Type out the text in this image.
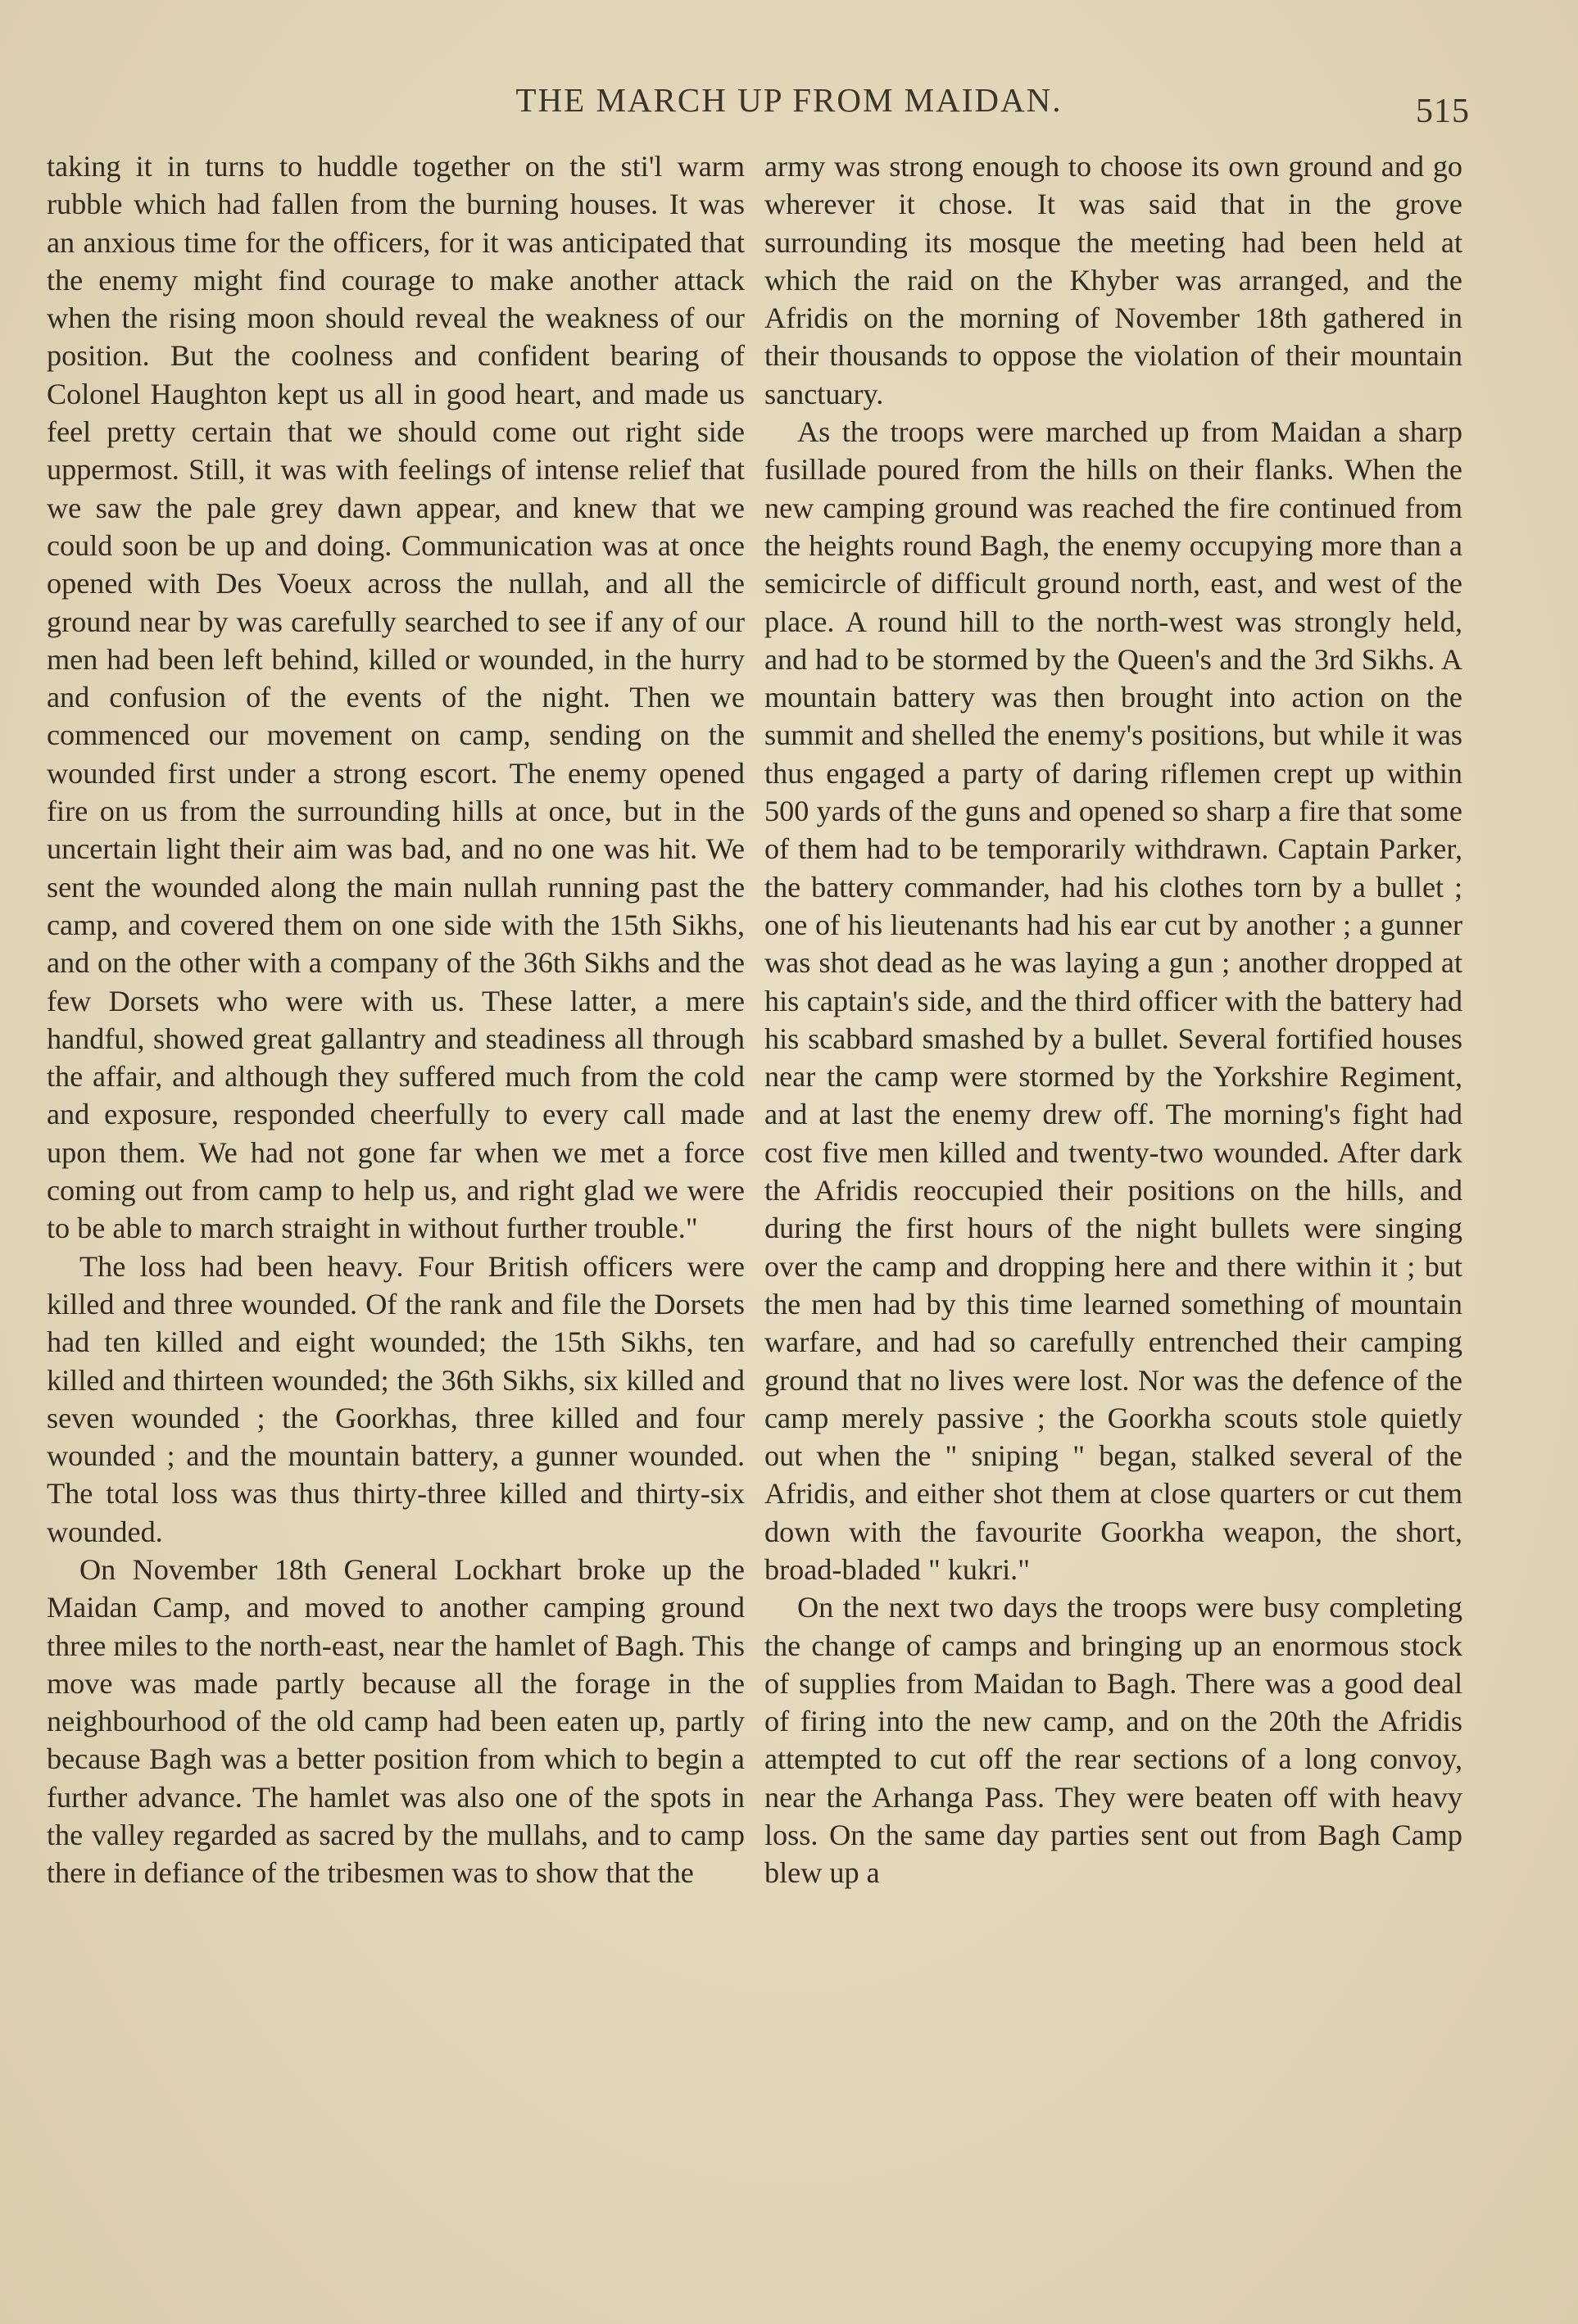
THE MARCH UP FROM MAIDAN.	515

taking it in turns to huddle together on the sti'l warm rubble which had fallen from the burning houses. It was an anxious time for the officers, for it was anticipated that the enemy might find courage to make another attack when the rising moon should reveal the weakness of our position. But the coolness and confident bearing of Colonel Haughton kept us all in good heart, and made us feel pretty certain that we should come out right side uppermost. Still, it was with feelings of intense relief that we saw the pale grey dawn appear, and knew that we could soon be up and doing. Communication was at once opened with Des Voeux across the nullah, and all the ground near by was carefully searched to see if any of our men had been left behind, killed or wounded, in the hurry and confusion of the events of the night. Then we commenced our movement on camp, sending on the wounded first under a strong escort. The enemy opened fire on us from the surrounding hills at once, but in the uncertain light their aim was bad, and no one was hit. We sent the wounded along the main nullah running past the camp, and covered them on one side with the 15th Sikhs, and on the other with a company of the 36th Sikhs and the few Dorsets who were with us. These latter, a mere handful, showed great gallantry and steadiness all through the affair, and although they suffered much from the cold and exposure, responded cheerfully to every call made upon them. We had not gone far when we met a force coming out from camp to help us, and right glad we were to be able to march straight in without further trouble."

The loss had been heavy. Four British officers were killed and three wounded. Of the rank and file the Dorsets had ten killed and eight wounded; the 15th Sikhs, ten killed and thirteen wounded; the 36th Sikhs, six killed and seven wounded ; the Goorkhas, three killed and four wounded ; and the mountain battery, a gunner wounded. The total loss was thus thirty-three killed and thirty-six wounded.

On November 18th General Lockhart broke up the Maidan Camp, and moved to another camping ground three miles to the north-east, near the hamlet of Bagh. This move was made partly because all the forage in the neighbourhood of the old camp had been eaten up, partly because Bagh was a better position from which to begin a further advance. The hamlet was also one of the spots in the valley regarded as sacred by the mullahs, and to camp there in defiance of the tribesmen was to show that the

army was strong enough to choose its own ground and go wherever it chose. It was said that in the grove surrounding its mosque the meeting had been held at which the raid on the Khyber was arranged, and the Afridis on the morning of November 18th gathered in their thousands to oppose the violation of their mountain sanctuary.

As the troops were marched up from Maidan a sharp fusillade poured from the hills on their flanks. When the new camping ground was reached the fire continued from the heights round Bagh, the enemy occupying more than a semicircle of difficult ground north, east, and west of the place. A round hill to the north-west was strongly held, and had to be stormed by the Queen's and the 3rd Sikhs. A mountain battery was then brought into action on the summit and shelled the enemy's positions, but while it was thus engaged a party of daring riflemen crept up within 500 yards of the guns and opened so sharp a fire that some of them had to be temporarily withdrawn. Captain Parker, the battery commander, had his clothes torn by a bullet ; one of his lieutenants had his ear cut by another ; a gunner was shot dead as he was laying a gun ; another dropped at his captain's side, and the third officer with the battery had his scabbard smashed by a bullet. Several fortified houses near the camp were stormed by the Yorkshire Regiment, and at last the enemy drew off. The morning's fight had cost five men killed and twenty-two wounded. After dark the Afridis reoccupied their positions on the hills, and during the first hours of the night bullets were singing over the camp and dropping here and there within it ; but the men had by this time learned something of mountain warfare, and had so carefully entrenched their camping ground that no lives were lost. Nor was the defence of the camp merely passive ; the Goorkha scouts stole quietly out when the " sniping " began, stalked several of the Afridis, and either shot them at close quarters or cut them down with the favourite Goorkha weapon, the short, broad-bladed " kukri."

On the next two days the troops were busy completing the change of camps and bringing up an enormous stock of supplies from Maidan to Bagh. There was a good deal of firing into the new camp, and on the 20th the Afridis attempted to cut off the rear sections of a long convoy, near the Arhanga Pass. They were beaten off with heavy loss. On the same day parties sent out from Bagh Camp blew up a
